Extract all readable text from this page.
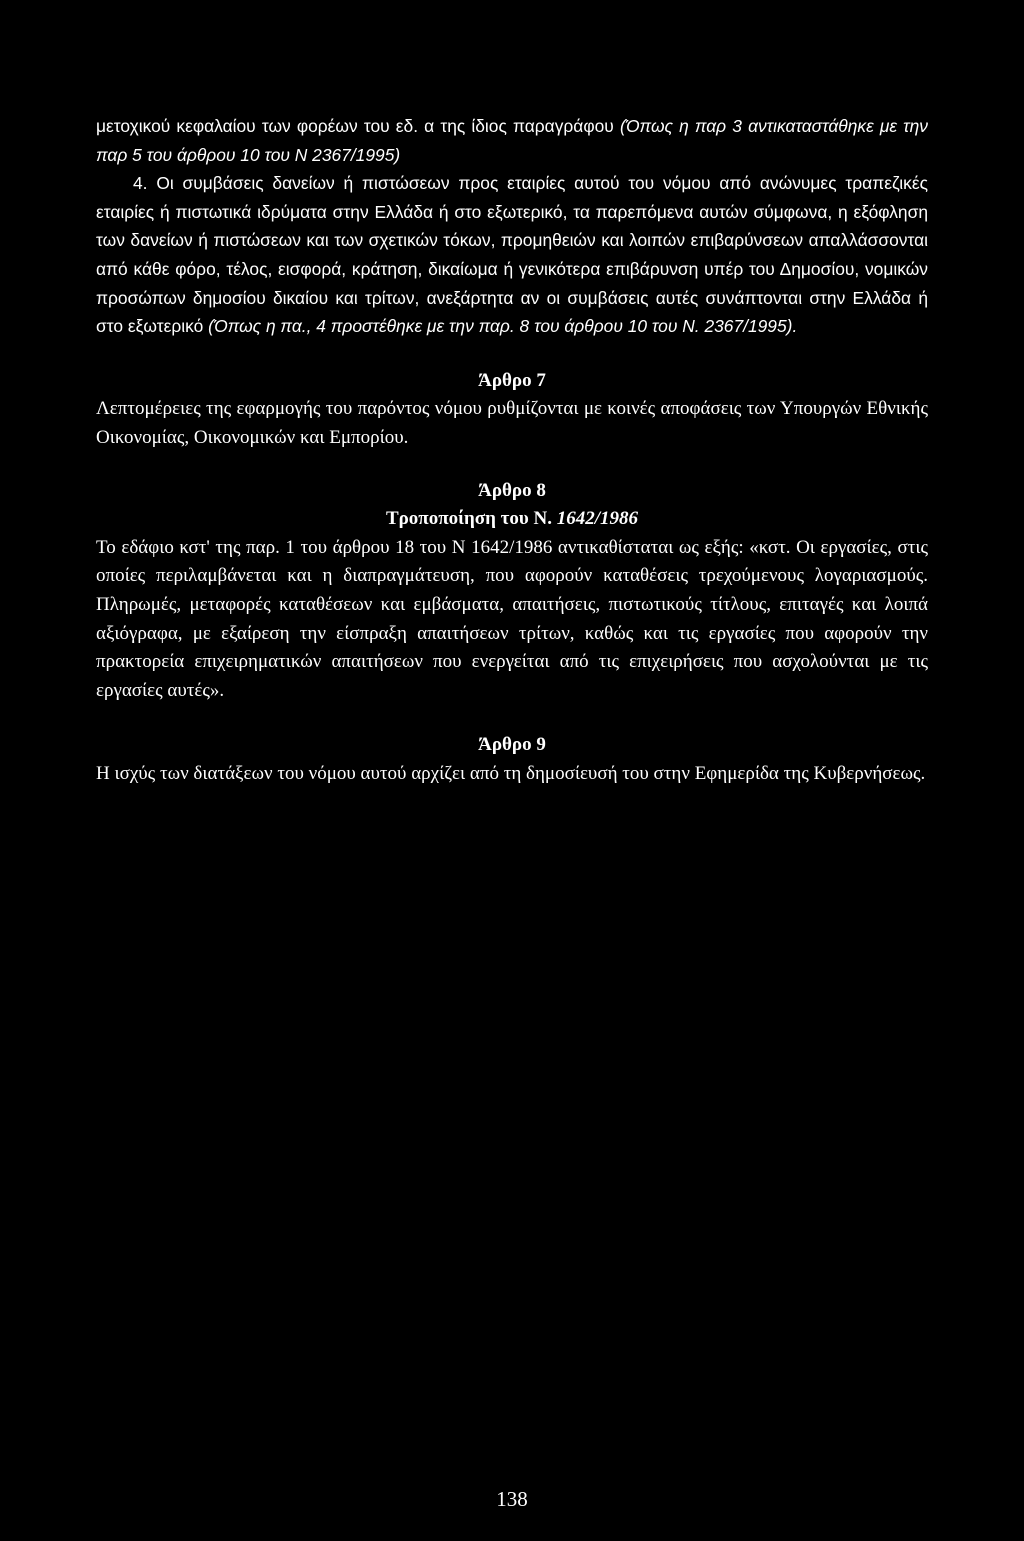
μετοχικού κεφαλαίου των φορέων του εδ. α της ίδιος παραγράφου (Όπως η παρ 3 αντικαταστάθηκε με την παρ 5 του άρθρου 10 του Ν 2367/1995)

4. Οι συμβάσεις δανείων ή πιστώσεων προς εταιρίες αυτού του νόμου από ανώνυμες τραπεζικές εταιρίες ή πιστωτικά ιδρύματα στην Ελλάδα ή στο εξωτερικό, τα παρεπόμενα αυτών σύμφωνα, η εξόφληση των δανείων ή πιστώσεων και των σχετικών τόκων, προμηθειών και λοιπών επιβαρύνσεων απαλλάσσονται από κάθε φόρο, τέλος, εισφορά, κράτηση, δικαίωμα ή γενικότερα επιβάρυνση υπέρ του Δημοσίου, νομικών προσώπων δημοσίου δικαίου και τρίτων, ανεξάρτητα αν οι συμβάσεις αυτές συνάπτονται στην Ελλάδα ή στο εξωτερικό (Όπως η πα., 4 προστέθηκε με την παρ. 8 του άρθρου 10 του Ν. 2367/1995).

Άρθρο 7

Λεπτομέρειες της εφαρμογής του παρόντος νόμου ρυθμίζονται με κοινές αποφάσεις των Υπουργών Εθνικής Οικονομίας, Οικονομικών και Εμπορίου.

Άρθρο 8

Τροποποίηση του Ν. 1642/1986

Το εδάφιο κστ' της παρ. 1 του άρθρου 18 του Ν 1642/1986 αντικαθίσταται ως εξής: «κστ. Οι εργασίες, στις οποίες περιλαμβάνεται και η διαπραγμάτευση, που αφορούν καταθέσεις τρεχούμενους λογαριασμούς. Πληρωμές, μεταφορές καταθέσεων και εμβάσματα, απαιτήσεις, πιστωτικούς τίτλους, επιταγές και λοιπά αξιόγραφα, με εξαίρεση την είσπραξη απαιτήσεων τρίτων, καθώς και τις εργασίες που αφορούν την πρακτορεία επιχειρηματικών απαιτήσεων που ενεργείται από τις επιχειρήσεις που ασχολούνται με τις εργασίες αυτές».

Άρθρο 9

Η ισχύς των διατάξεων του νόμου αυτού αρχίζει από τη δημοσίευσή του στην Εφημερίδα της Κυβερνήσεως.

138
